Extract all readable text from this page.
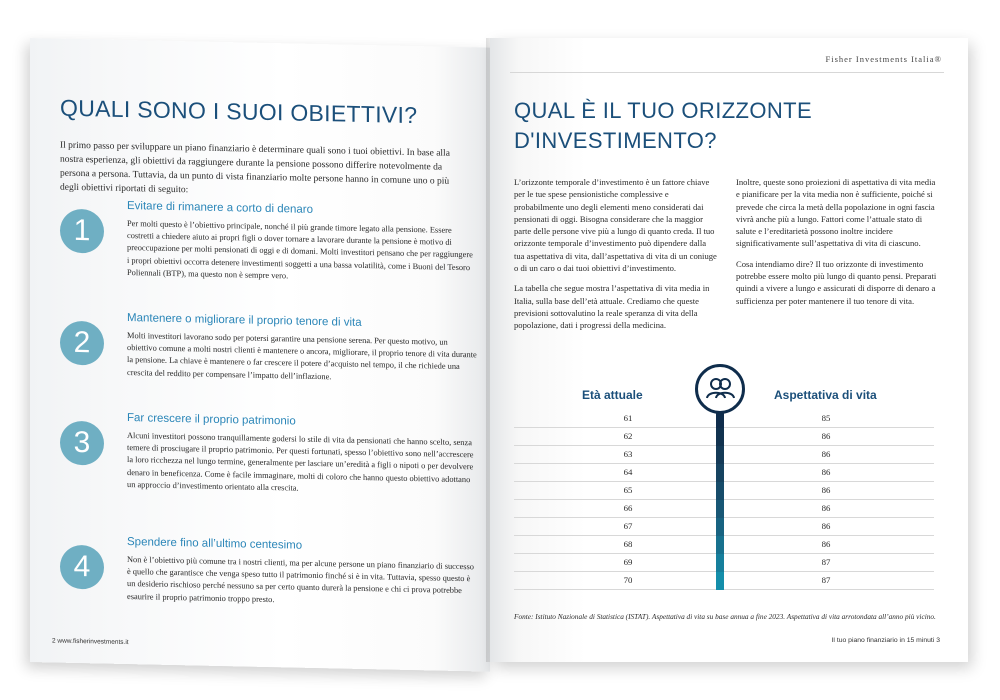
QUALI SONO I SUOI OBIETTIVI?
Il primo passo per sviluppare un piano finanziario è determinare quali sono i tuoi obiettivi. In base alla nostra esperienza, gli obiettivi da raggiungere durante la pensione possono differire notevolmente da persona a persona. Tuttavia, da un punto di vista finanziario molte persone hanno in comune uno o più degli obiettivi riportati di seguito:
1
Evitare di rimanere a corto di denaro
Per molti questo è l’obiettivo principale, nonché il più grande timore legato alla pensione. Essere costretti a chiedere aiuto ai propri figli o dover tornare a lavorare durante la pensione è motivo di preoccupazione per molti pensionati di oggi e di domani. Molti investitori pensano che per raggiungere i propri obiettivi occorra detenere investimenti soggetti a una bassa volatilità, come i Buoni del Tesoro Poliennali (BTP), ma questo non è sempre vero.
2
Mantenere o migliorare il proprio tenore di vita
Molti investitori lavorano sodo per potersi garantire una pensione serena. Per questo motivo, un obiettivo comune a molti nostri clienti è mantenere o ancora, migliorare, il proprio tenore di vita durante la pensione. La chiave è mantenere o far crescere il potere d’acquisto nel tempo, il che richiede una crescita del reddito per compensare l’impatto dell’inflazione.
3
Far crescere il proprio patrimonio
Alcuni investitori possono tranquillamente godersi lo stile di vita da pensionati che hanno scelto, senza temere di prosciugare il proprio patrimonio. Per questi fortunati, spesso l’obiettivo sono nell’accrescere la loro ricchezza nel lungo termine, generalmente per lasciare un’eredità a figli o nipoti o per devolvere denaro in beneficenza. Come è facile immaginare, molti di coloro che hanno questo obiettivo adottano un approccio d’investimento orientato alla crescita.
4
Spendere fino all’ultimo centesimo
Non è l’obiettivo più comune tra i nostri clienti, ma per alcune persone un piano finanziario di successo è quello che garantisce che venga speso tutto il patrimonio finché si è in vita. Tuttavia, spesso questo è un desiderio rischioso perché nessuno sa per certo quanto durerà la pensione e chi ci prova potrebbe esaurire il proprio patrimonio troppo presto.
2 www.fisherinvestments.it
Fisher Investments Italia®
QUAL È IL TUO ORIZZONTE D'INVESTIMENTO?

L’orizzonte temporale d’investimento è un fattore chiave per le tue spese pensionistiche complessive e probabilmente uno degli elementi meno considerati dai pensionati di oggi. Bisogna considerare che la maggior parte delle persone vive più a lungo di quanto creda. Il tuo orizzonte temporale d’investimento può dipendere dalla tua aspettativa di vita, dall’aspettativa di vita di un coniuge o di un caro o dai tuoi obiettivi d’investimento.

La tabella che segue mostra l’aspettativa di vita media in Italia, sulla base dell’età attuale. Crediamo che queste previsioni sottovalutino la reale speranza di vita della popolazione, dati i progressi della medicina.

Inoltre, queste sono proiezioni di aspettativa di vita media e pianificare per la vita media non è sufficiente, poiché si prevede che circa la metà della popolazione in ogni fascia vivrà anche più a lungo. Fattori come l’attuale stato di salute e l’ereditarietà possono inoltre incidere significativamente sull’aspettativa di vita di ciascuno.

Cosa intendiamo dire? Il tuo orizzonte di investimento potrebbe essere molto più lungo di quanto pensi. Preparati quindi a vivere a lungo e assicurati di disporre di denaro a sufficienza per poter mantenere il tuo tenore di vita.

Età attuale	Aspettativa di vita
61	85
62	86
63	86
64	86
65	86
66	86
67	86
68	86
69	87
70	87
Fonte: Istituto Nazionale di Statistica (ISTAT). Aspettativa di vita su base annua a fine 2023. Aspettativa di vita arrotondata all’anno più vicino.
Il tuo piano finanziario in 15 minuti 3
